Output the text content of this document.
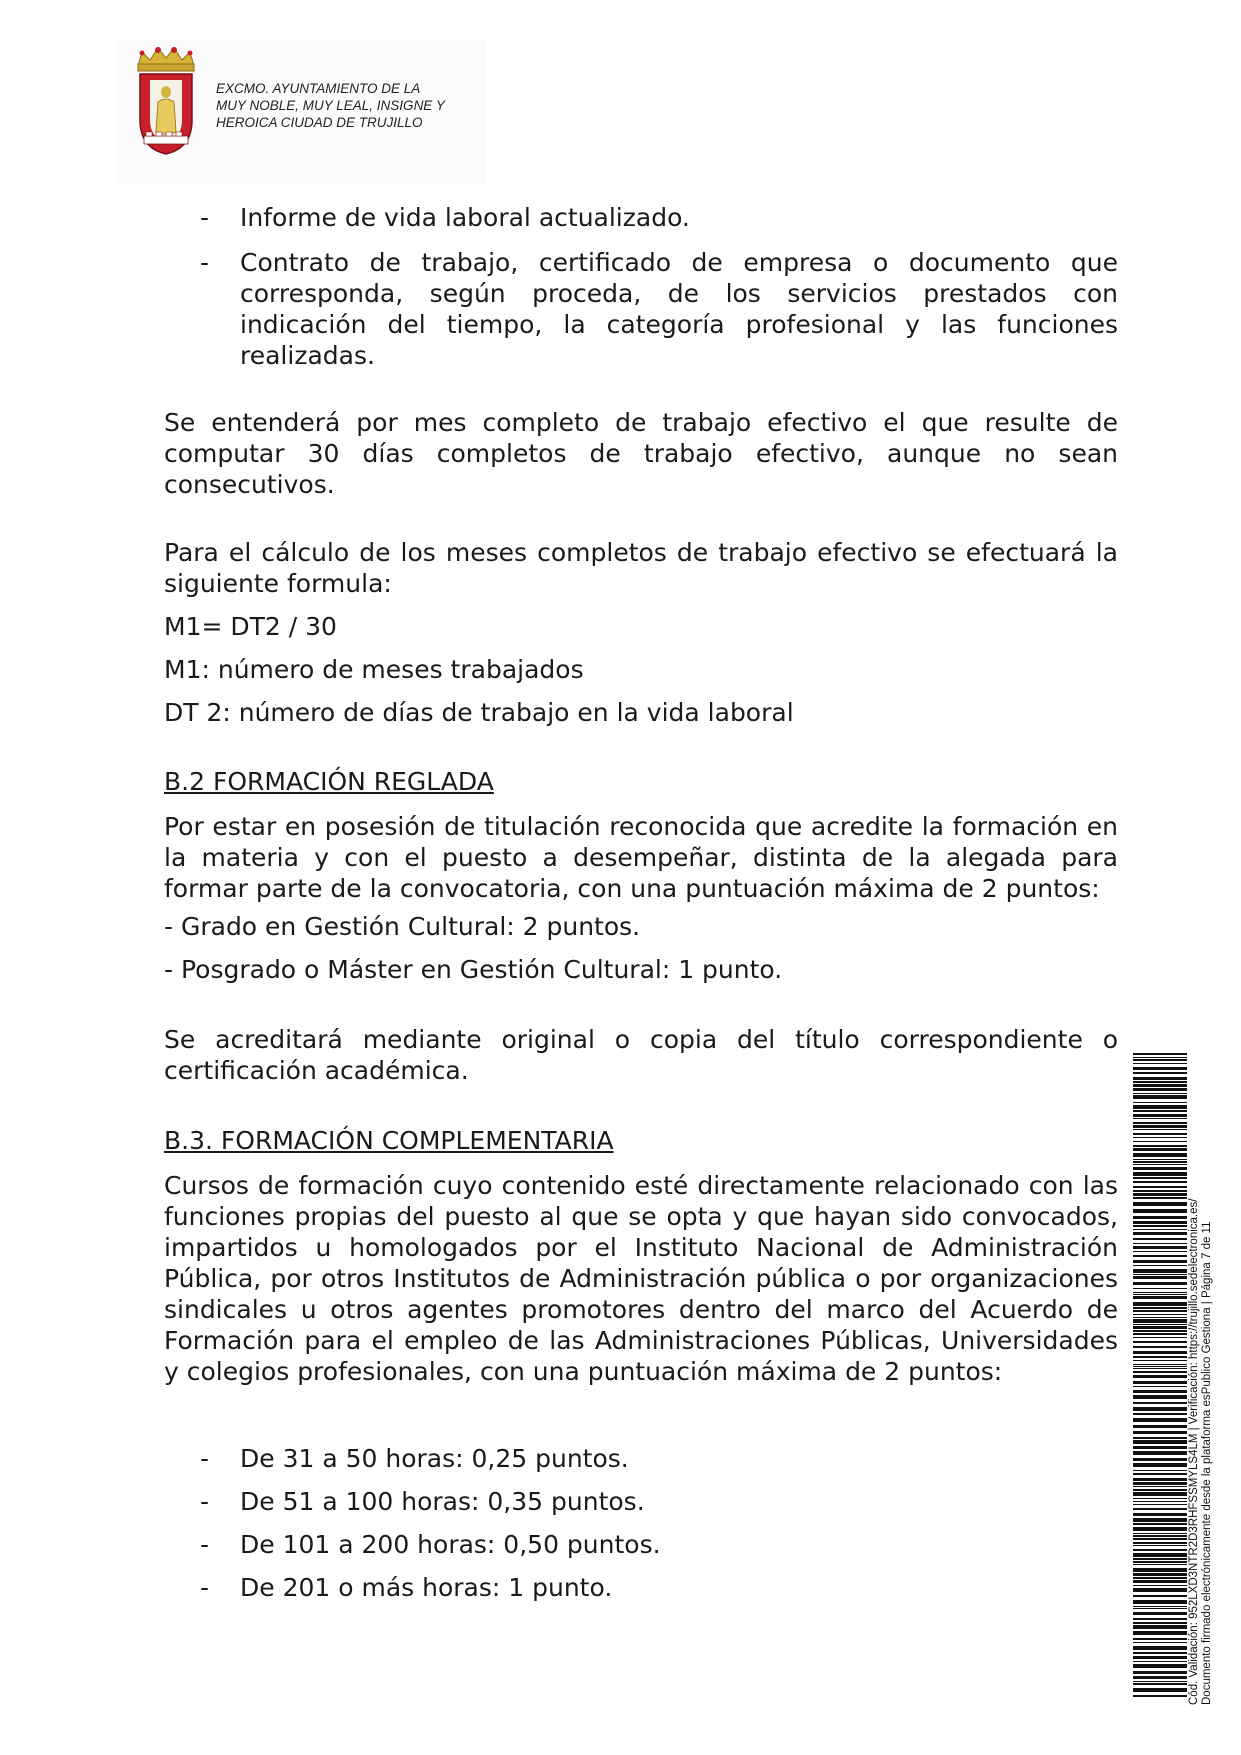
EXCMO. AYUNTAMIENTO DE LA
MUY NOBLE, MUY LEAL, INSIGNE Y
HEROICA CIUDAD DE TRUJILLO
- Informe de vida laboral actualizado.
- Contrato de trabajo, certificado de empresa o documento que corresponda, según proceda, de los servicios prestados con indicación del tiempo, la categoría profesional y las funciones realizadas.
Se entenderá por mes completo de trabajo efectivo el que resulte de computar 30 días completos de trabajo efectivo, aunque no sean consecutivos.
Para el cálculo de los meses completos de trabajo efectivo se efectuará la siguiente formula:
M1= DT2 / 30
M1: número de meses trabajados
DT 2: número de días de trabajo en la vida laboral
B.2 FORMACIÓN REGLADA
Por estar en posesión de titulación reconocida que acredite la formación en la materia y con el puesto a desempeñar, distinta de la alegada para formar parte de la convocatoria, con una puntuación máxima de 2 puntos:
- Grado en Gestión Cultural: 2 puntos.
- Posgrado o Máster en Gestión Cultural: 1 punto.
Se acreditará mediante original o copia del título correspondiente o certificación académica.
B.3. FORMACIÓN COMPLEMENTARIA
Cursos de formación cuyo contenido esté directamente relacionado con las funciones propias del puesto al que se opta y que hayan sido convocados, impartidos u homologados por el Instituto Nacional de Administración Pública, por otros Institutos de Administración pública o por organizaciones sindicales u otros agentes promotores dentro del marco del Acuerdo de Formación para el empleo de las Administraciones Públicas, Universidades y colegios profesionales, con una puntuación máxima de 2 puntos:
- De 31 a 50 horas: 0,25 puntos.
- De 51 a 100 horas: 0,35 puntos.
- De 101 a 200 horas: 0,50 puntos.
- De 201 o más horas: 1 punto.	Cód. Validación: 952LXD3NTR2D3RHFSSMYLS4LM | Verificación: https://trujillo.sedelectronica.es/ Documento firmado electrónicamente desde la plataforma esPublico Gestiona | Página 7 de 11
